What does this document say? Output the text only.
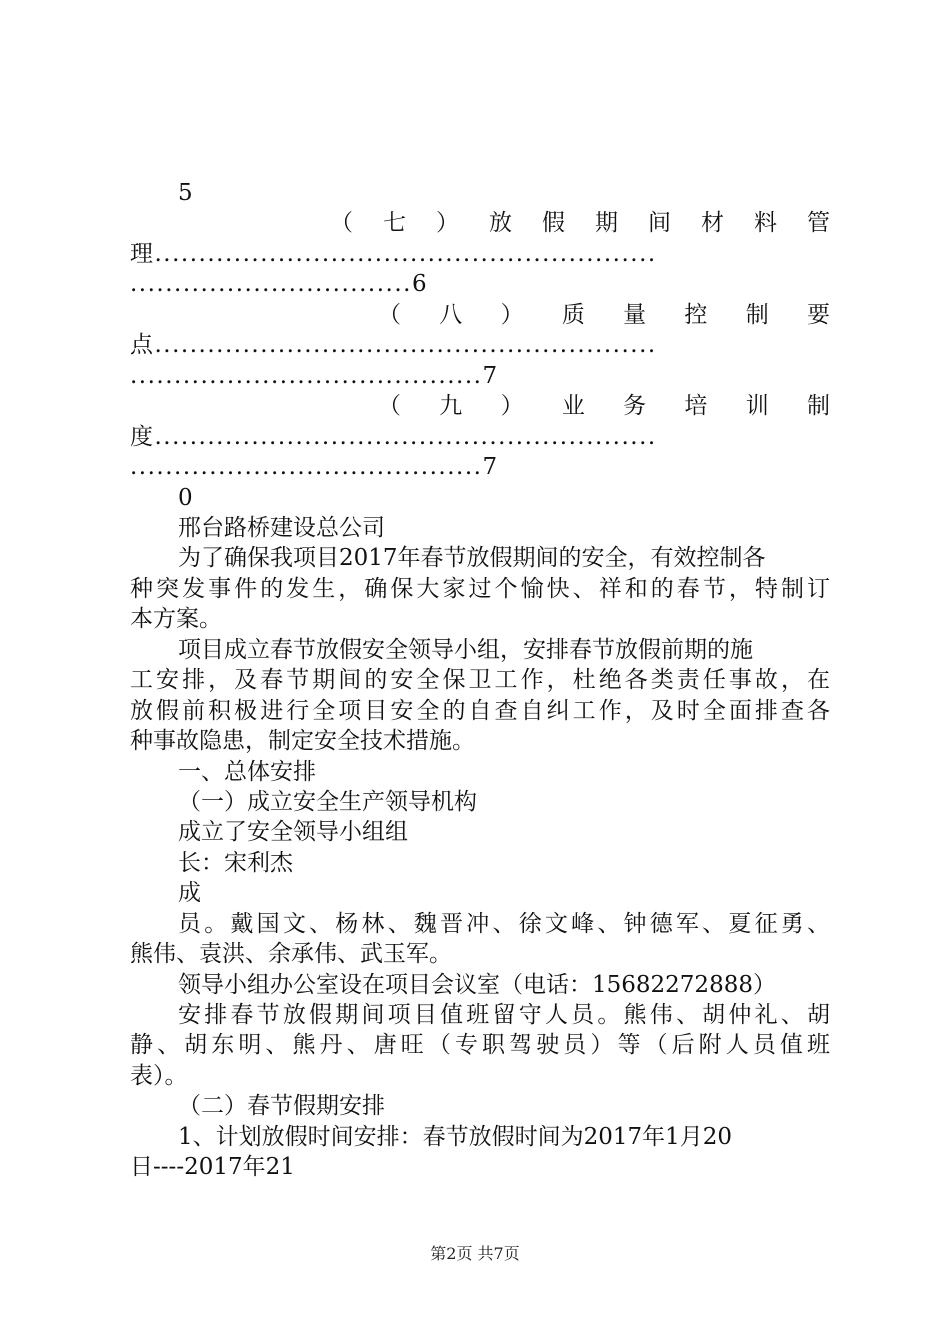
5
（ 七 ） 放 假 期 间 材 料 管
理.........................................................
................................6
（ 八 ） 质 量 控 制 要
点.........................................................
........................................7
（ 九 ） 业 务 培 训 制
度.........................................................
........................................7
0
邢台路桥建设总公司
为了确保我项目2017年春节放假期间的安全，有效控制各
种突发事件的发生，确保大家过个愉快、祥和的春节，特制订
本方案。
项目成立春节放假安全领导小组，安排春节放假前期的施
工安排，及春节期间的安全保卫工作，杜绝各类责任事故，在
放假前积极进行全项目安全的自查自纠工作，及时全面排查各
种事故隐患，制定安全技术措施。
一、总体安排
（一）成立安全生产领导机构
成立了安全领导小组组
长：宋利杰
成
员。戴国文、杨林、魏晋冲、徐文峰、钟德军、夏征勇、
熊伟、袁洪、余承伟、武玉军。
领导小组办公室设在项目会议室（电话：15682272888）
安排春节放假期间项目值班留守人员。熊伟、胡仲礼、胡
静、胡东明、熊丹、唐旺（专职驾驶员）等（后附人员值班
表）。
（二）春节假期安排
1、计划放假时间安排：春节放假时间为2017年1月20
日----2017年21
第2页 共7页
